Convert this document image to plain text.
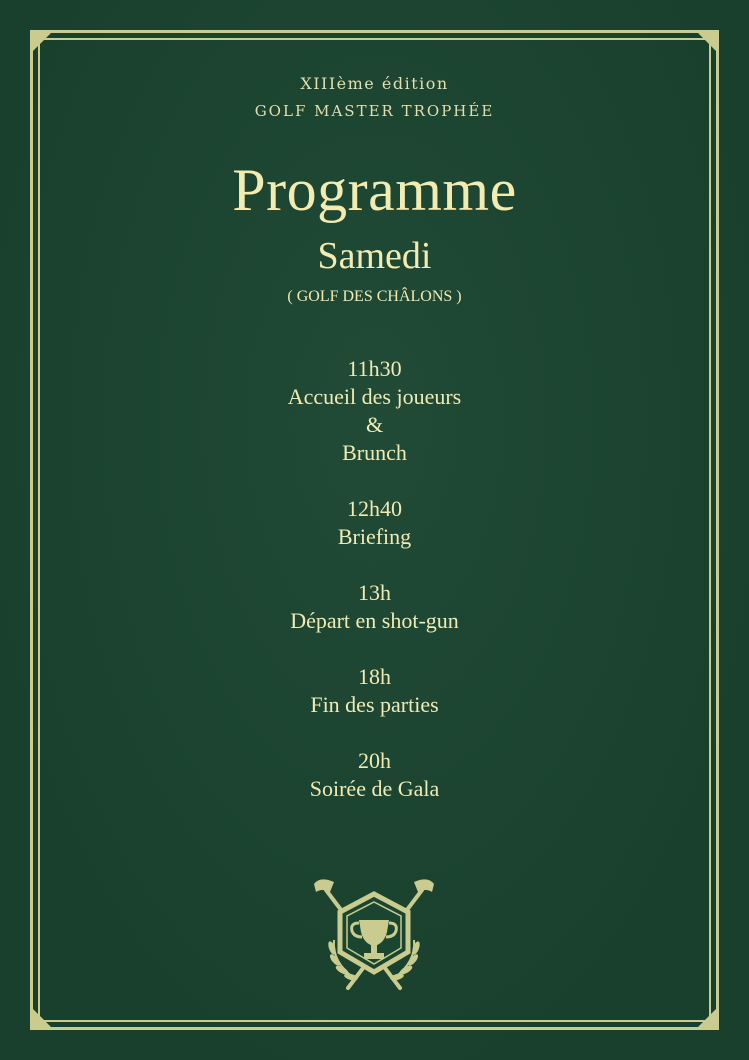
XIIIème édition
GOLF MASTER TROPHÉE
Programme
Samedi
( GOLF DES CHÂLONS )
11h30
Accueil des joueurs
&
Brunch
12h40
Briefing
13h
Départ en shot-gun
18h
Fin des parties
20h
Soirée de Gala
